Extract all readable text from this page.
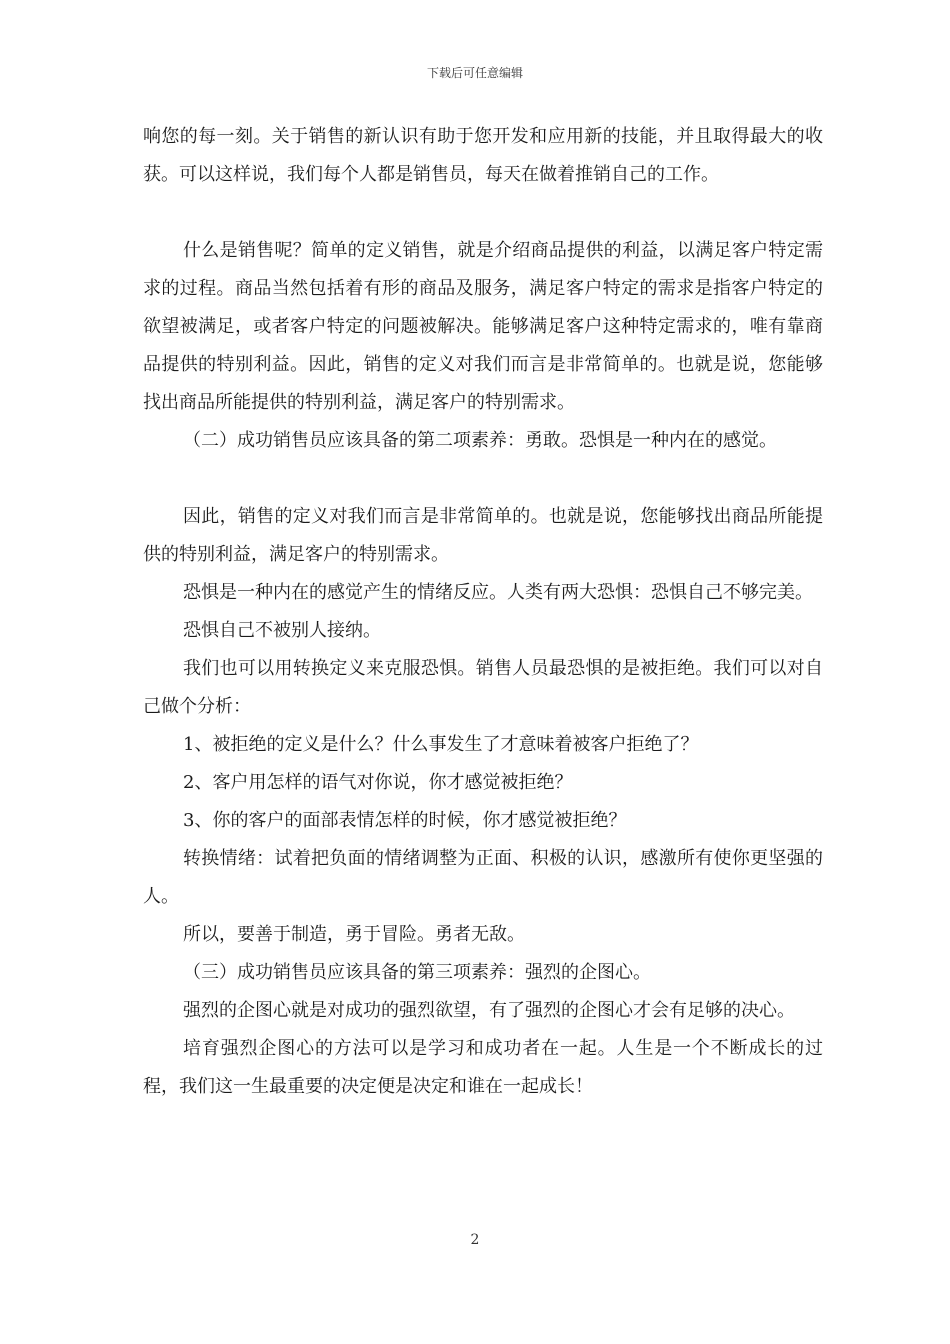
下载后可任意编辑

响您的每一刻。关于销售的新认识有助于您开发和应用新的技能，并且取得最大的收获。可以这样说，我们每个人都是销售员，每天在做着推销自己的工作。

什么是销售呢？简单的定义销售，就是介绍商品提供的利益，以满足客户特定需求的过程。商品当然包括着有形的商品及服务，满足客户特定的需求是指客户特定的欲望被满足，或者客户特定的问题被解决。能够满足客户这种特定需求的，唯有靠商品提供的特别利益。因此，销售的定义对我们而言是非常简单的。也就是说，您能够找出商品所能提供的特别利益，满足客户的特别需求。

（二）成功销售员应该具备的第二项素养：勇敢。恐惧是一种内在的感觉。

因此，销售的定义对我们而言是非常简单的。也就是说，您能够找出商品所能提供的特别利益，满足客户的特别需求。

恐惧是一种内在的感觉产生的情绪反应。人类有两大恐惧：恐惧自己不够完美。

恐惧自己不被别人接纳。

我们也可以用转换定义来克服恐惧。销售人员最恐惧的是被拒绝。我们可以对自己做个分析：

1、被拒绝的定义是什么？什么事发生了才意味着被客户拒绝了？

2、客户用怎样的语气对你说，你才感觉被拒绝？

3、你的客户的面部表情怎样的时候，你才感觉被拒绝？

转换情绪：试着把负面的情绪调整为正面、积极的认识，感激所有使你更坚强的人。

所以，要善于制造，勇于冒险。勇者无敌。

（三）成功销售员应该具备的第三项素养：强烈的企图心。

强烈的企图心就是对成功的强烈欲望，有了强烈的企图心才会有足够的决心。

培育强烈企图心的方法可以是学习和成功者在一起。人生是一个不断成长的过程，我们这一生最重要的决定便是决定和谁在一起成长！

2
